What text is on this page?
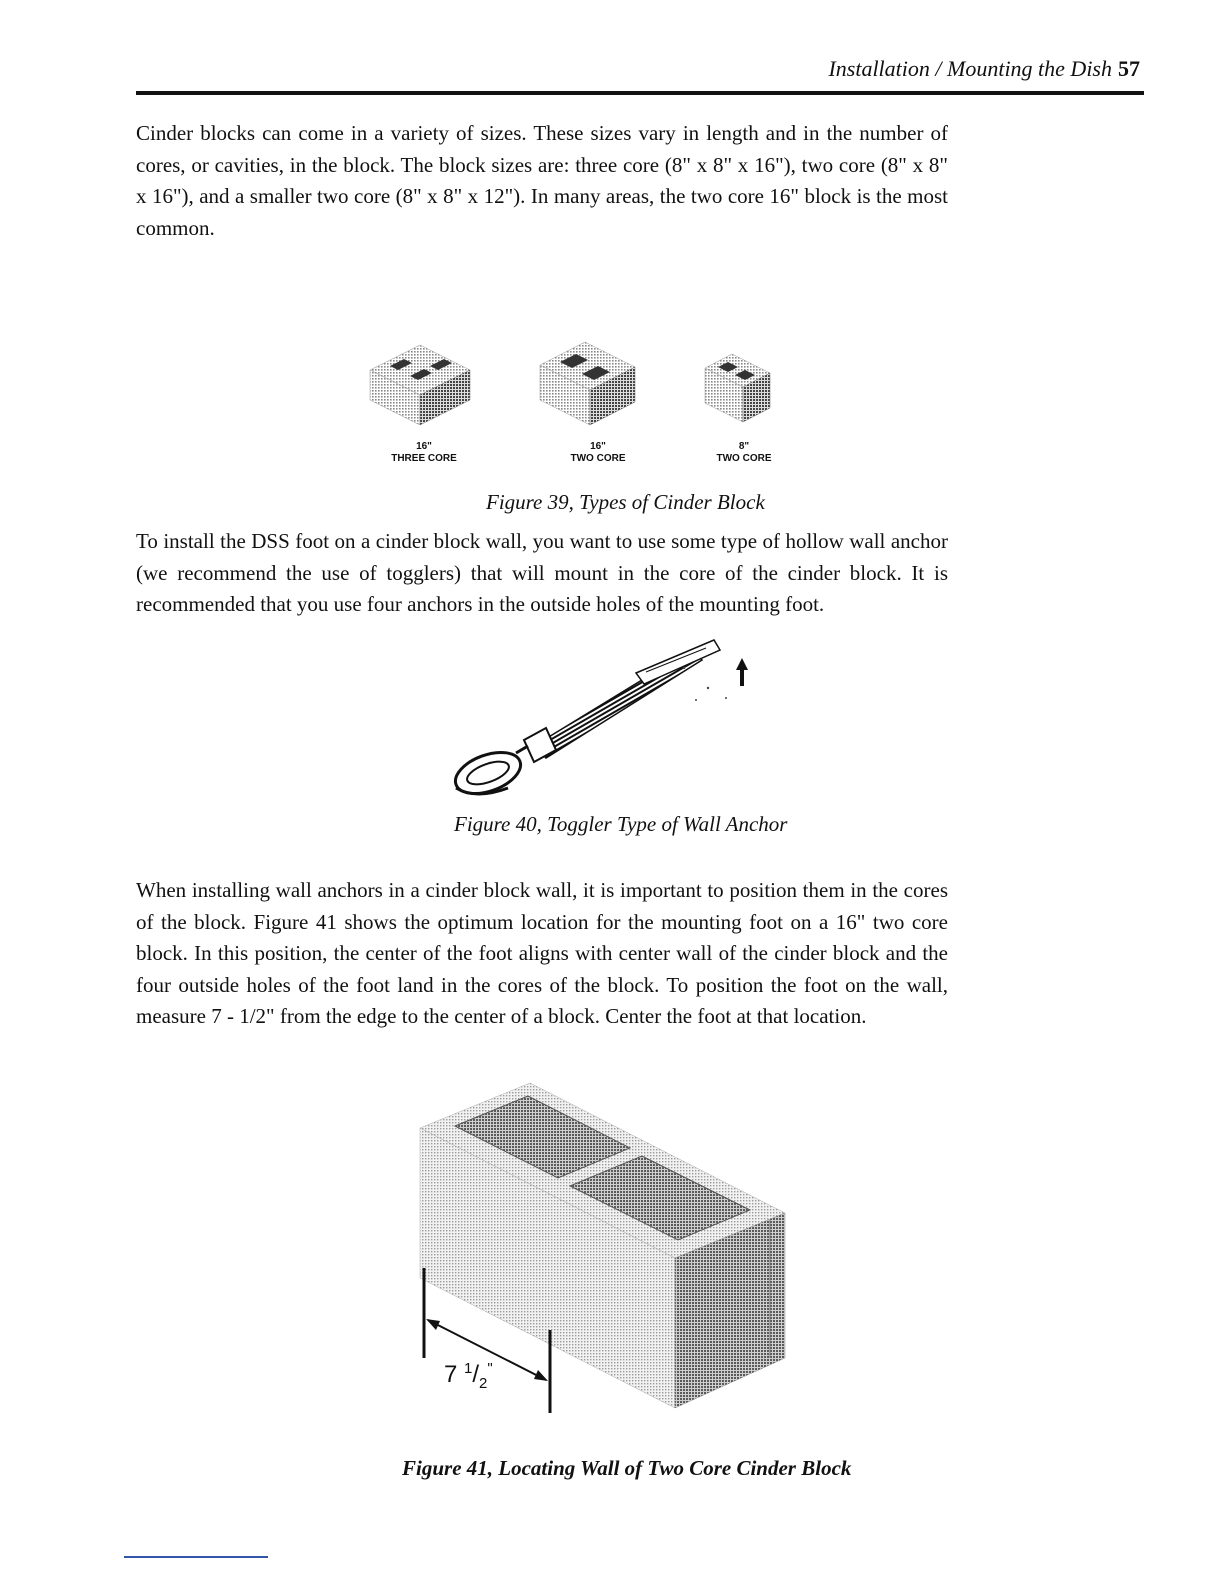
Installation / Mounting the Dish 57

Cinder blocks can come in a variety of sizes. These sizes vary in length and in the number of cores, or cavities, in the block. The block sizes are: three core (8" x 8" x 16"), two core (8" x 8" x 16"), and a smaller two core (8" x 8" x 12"). In many areas, the two core 16" block is the most common.

16"
THREE CORE
16"
TWO CORE
8"
TWO CORE
Figure 39, Types of Cinder Block

To install the DSS foot on a cinder block wall, you want to use some type of hollow wall anchor (we recommend the use of togglers) that will mount in the core of the cinder block. It is recommended that you use four anchors in the outside holes of the mounting foot.

Figure 40, Toggler Type of Wall Anchor

When installing wall anchors in a cinder block wall, it is important to position them in the cores of the block. Figure 41 shows the optimum location for the mounting foot on a 16" two core block. In this position, the center of the foot aligns with center wall of the cinder block and the four outside holes of the foot land in the cores of the block. To position the foot on the wall, measure 7 - 1/2" from the edge to the center of a block. Center the foot at that location.

7 $^1/_2^"$
Figure 41, Locating Wall of Two Core Cinder Block
